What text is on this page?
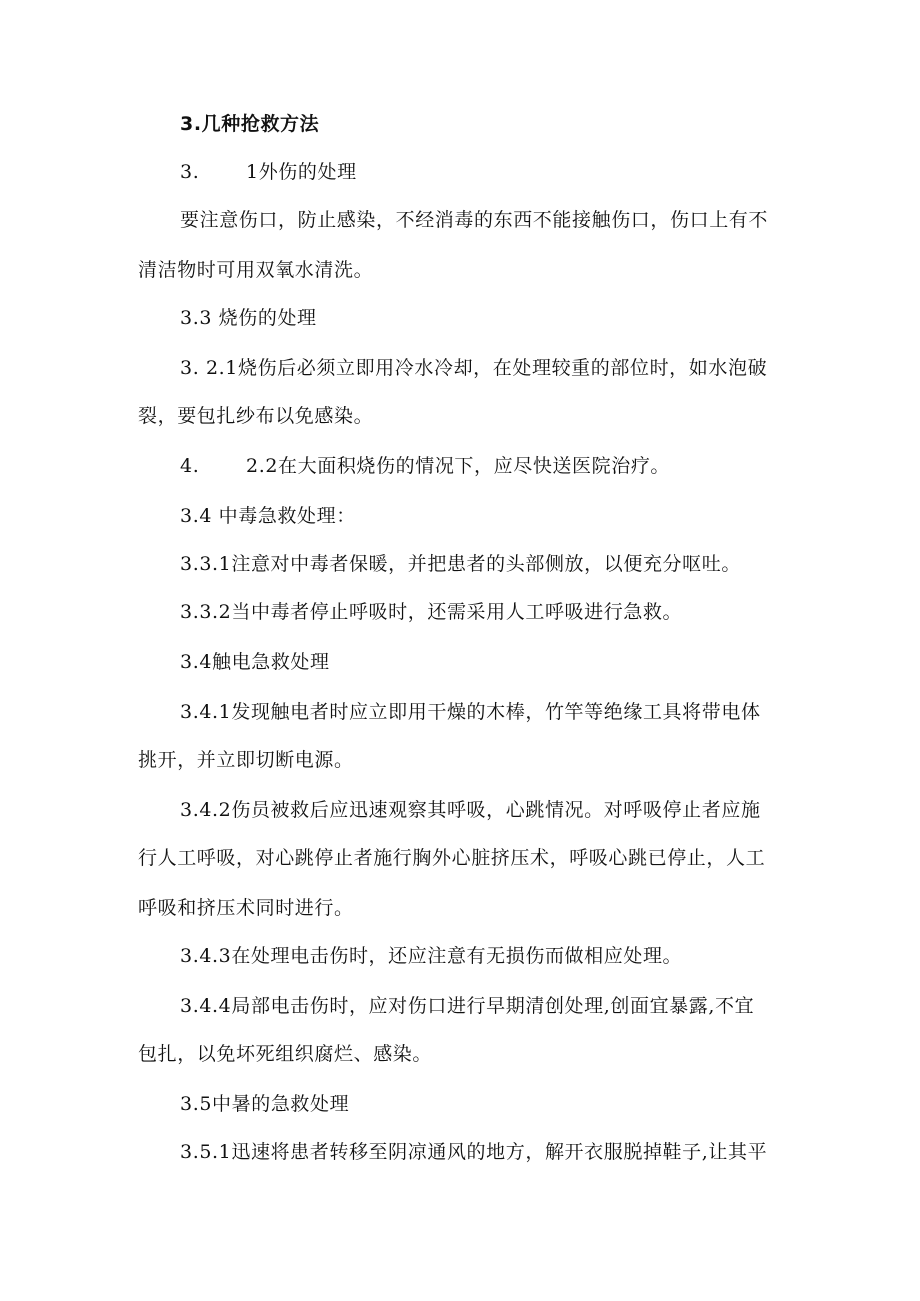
3.几种抢救方法
3. 1外伤的处理
要注意伤口，防止感染，不经消毒的东西不能接触伤口，伤口上有不
清洁物时可用双氧水清洗。
3.3 烧伤的处理
3. 2.1烧伤后必须立即用冷水冷却，在处理较重的部位时，如水泡破
裂，要包扎纱布以免感染。
4. 2.2在大面积烧伤的情况下，应尽快送医院治疗。
3.4 中毒急救处理：
3.3.1注意对中毒者保暖，并把患者的头部侧放，以便充分呕吐。
3.3.2当中毒者停止呼吸时，还需采用人工呼吸进行急救。
3.4触电急救处理
3.4.1发现触电者时应立即用干燥的木棒，竹竿等绝缘工具将带电体
挑开，并立即切断电源。
3.4.2伤员被救后应迅速观察其呼吸，心跳情况。对呼吸停止者应施
行人工呼吸，对心跳停止者施行胸外心脏挤压术，呼吸心跳已停止，人工
呼吸和挤压术同时进行。
3.4.3在处理电击伤时，还应注意有无损伤而做相应处理。
3.4.4局部电击伤时，应对伤口进行早期清创处理,创面宜暴露,不宜
包扎，以免坏死组织腐烂、感染。
3.5中暑的急救处理
3.5.1迅速将患者转移至阴凉通风的地方，解开衣服脱掉鞋子,让其平
